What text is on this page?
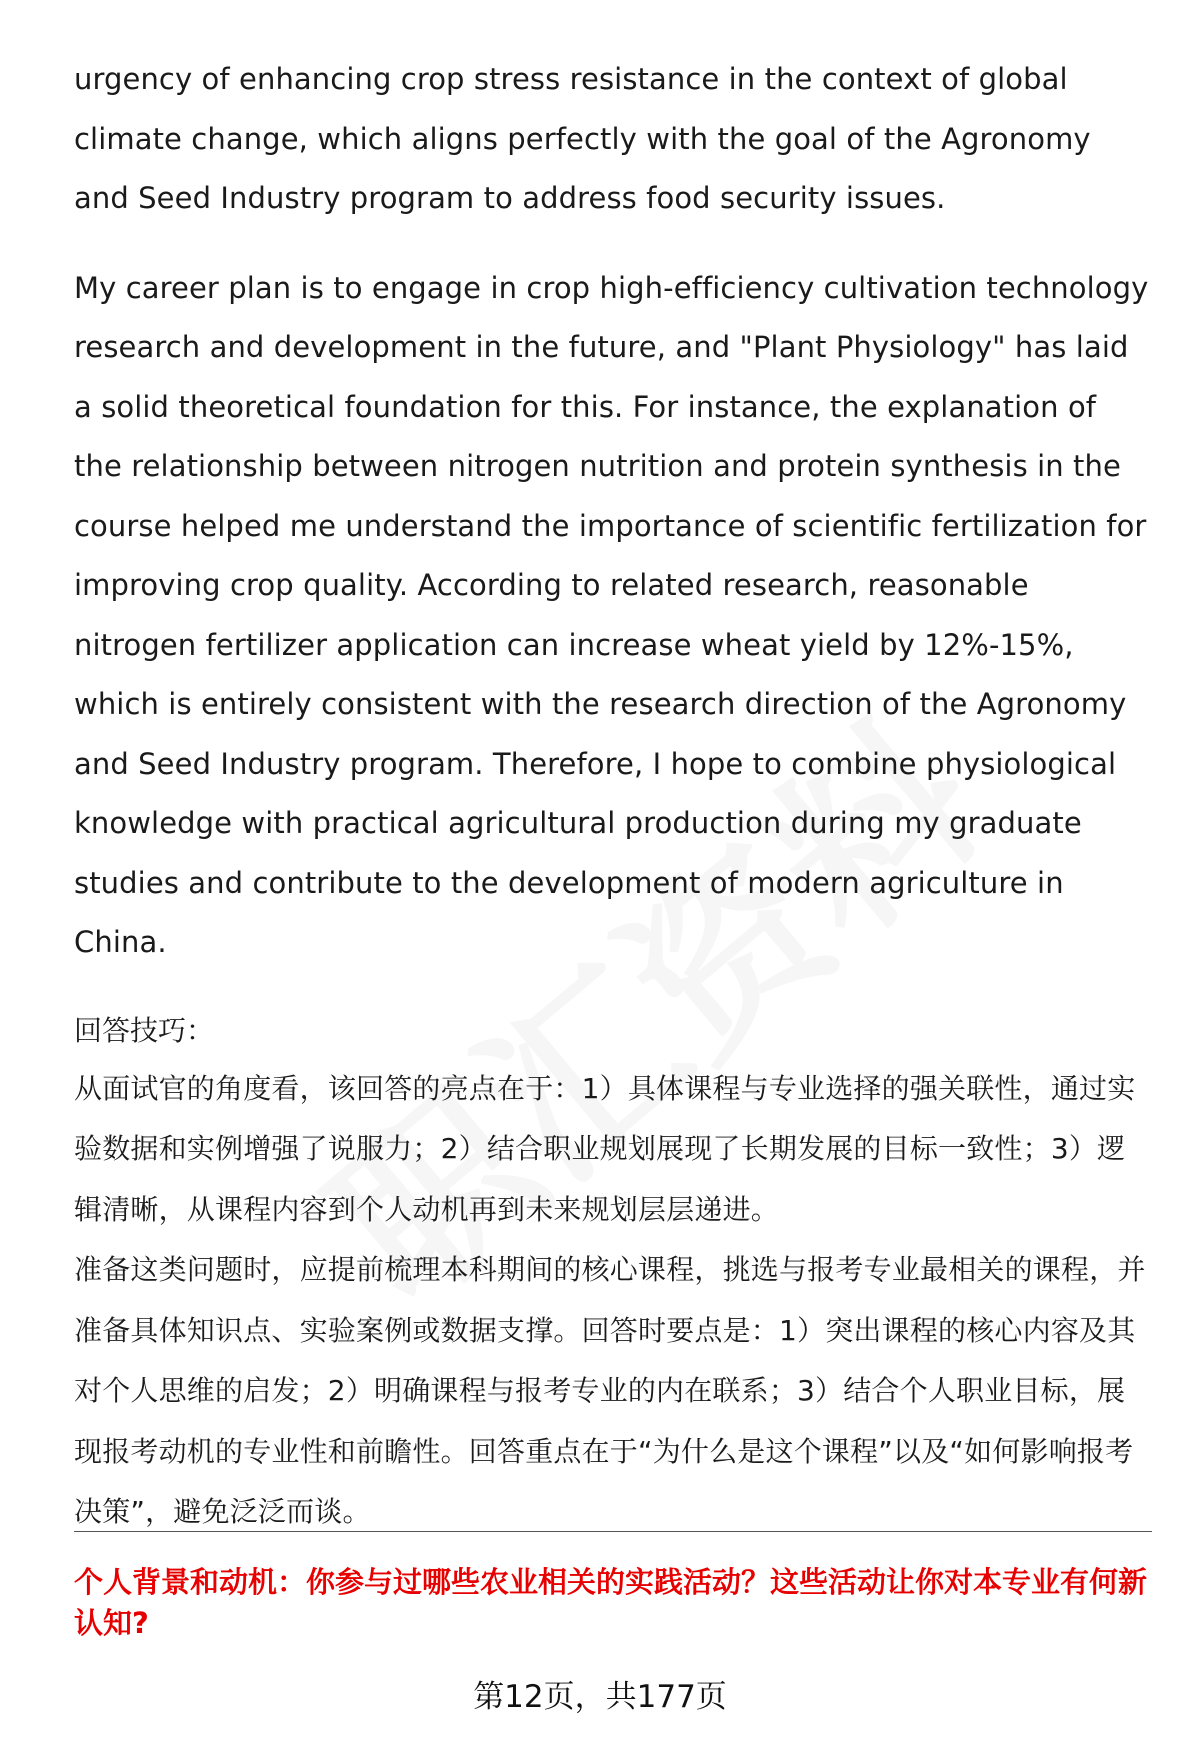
urgency of enhancing crop stress resistance in the context of global climate change, which aligns perfectly with the goal of the Agronomy and Seed Industry program to address food security issues.

My career plan is to engage in crop high-efficiency cultivation technology research and development in the future, and "Plant Physiology" has laid a solid theoretical foundation for this. For instance, the explanation of the relationship between nitrogen nutrition and protein synthesis in the course helped me understand the importance of scientific fertilization for improving crop quality. According to related research, reasonable nitrogen fertilizer application can increase wheat yield by 12%-15%, which is entirely consistent with the research direction of the Agronomy and Seed Industry program. Therefore, I hope to combine physiological knowledge with practical agricultural production during my graduate studies and contribute to the development of modern agriculture in China.

回答技巧：

从面试官的角度看，该回答的亮点在于：1）具体课程与专业选择的强关联性，通过实验数据和实例增强了说服力；2）结合职业规划展现了长期发展的目标一致性；3）逻辑清晰，从课程内容到个人动机再到未来规划层层递进。

准备这类问题时，应提前梳理本科期间的核心课程，挑选与报考专业最相关的课程，并准备具体知识点、实验案例或数据支撑。回答时要点是：1）突出课程的核心内容及其对个人思维的启发；2）明确课程与报考专业的内在联系；3）结合个人职业目标，展现报考动机的专业性和前瞻性。回答重点在于“为什么是这个课程”以及“如何影响报考决策”，避免泛泛而谈。

个人背景和动机：你参与过哪些农业相关的实践活动？这些活动让你对本专业有何新认知?
第12页，共177页
